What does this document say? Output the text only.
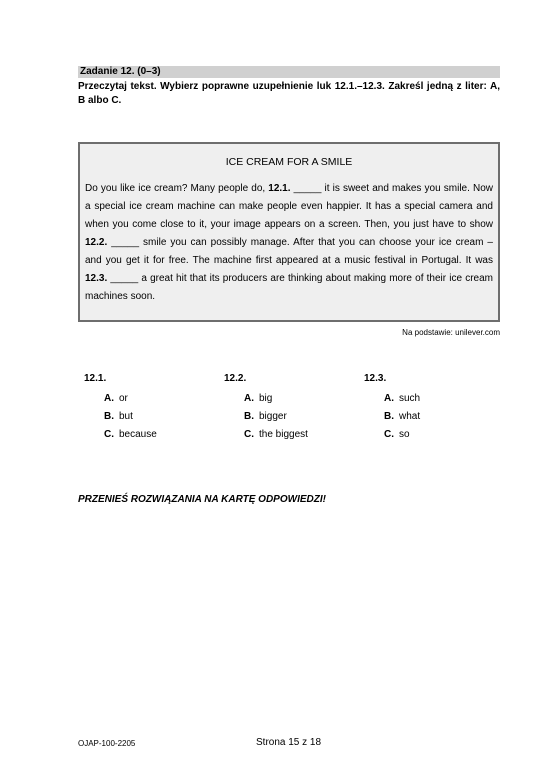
Zadanie 12. (0–3)
Przeczytaj tekst. Wybierz poprawne uzupełnienie luk 12.1.–12.3. Zakreśl jedną z liter: A, B albo C.
ICE CREAM FOR A SMILE
Do you like ice cream? Many people do, 12.1. _____ it is sweet and makes you smile. Now a special ice cream machine can make people even happier. It has a special camera and when you come close to it, your image appears on a screen. Then, you just have to show 12.2. _____ smile you can possibly manage. After that you can choose your ice cream – and you get it for free. The machine first appeared at a music festival in Portugal. It was 12.3. _____ a great hit that its producers are thinking about making more of their ice cream machines soon.
Na podstawie: unilever.com
12.1.
A. or
B. but
C. because
12.2.
A. big
B. bigger
C. the biggest
12.3.
A. such
B. what
C. so
PRZENIEŚ ROZWIĄZANIA NA KARTĘ ODPOWIEDZI!
OJAP-100-2205	Strona 15 z 18
